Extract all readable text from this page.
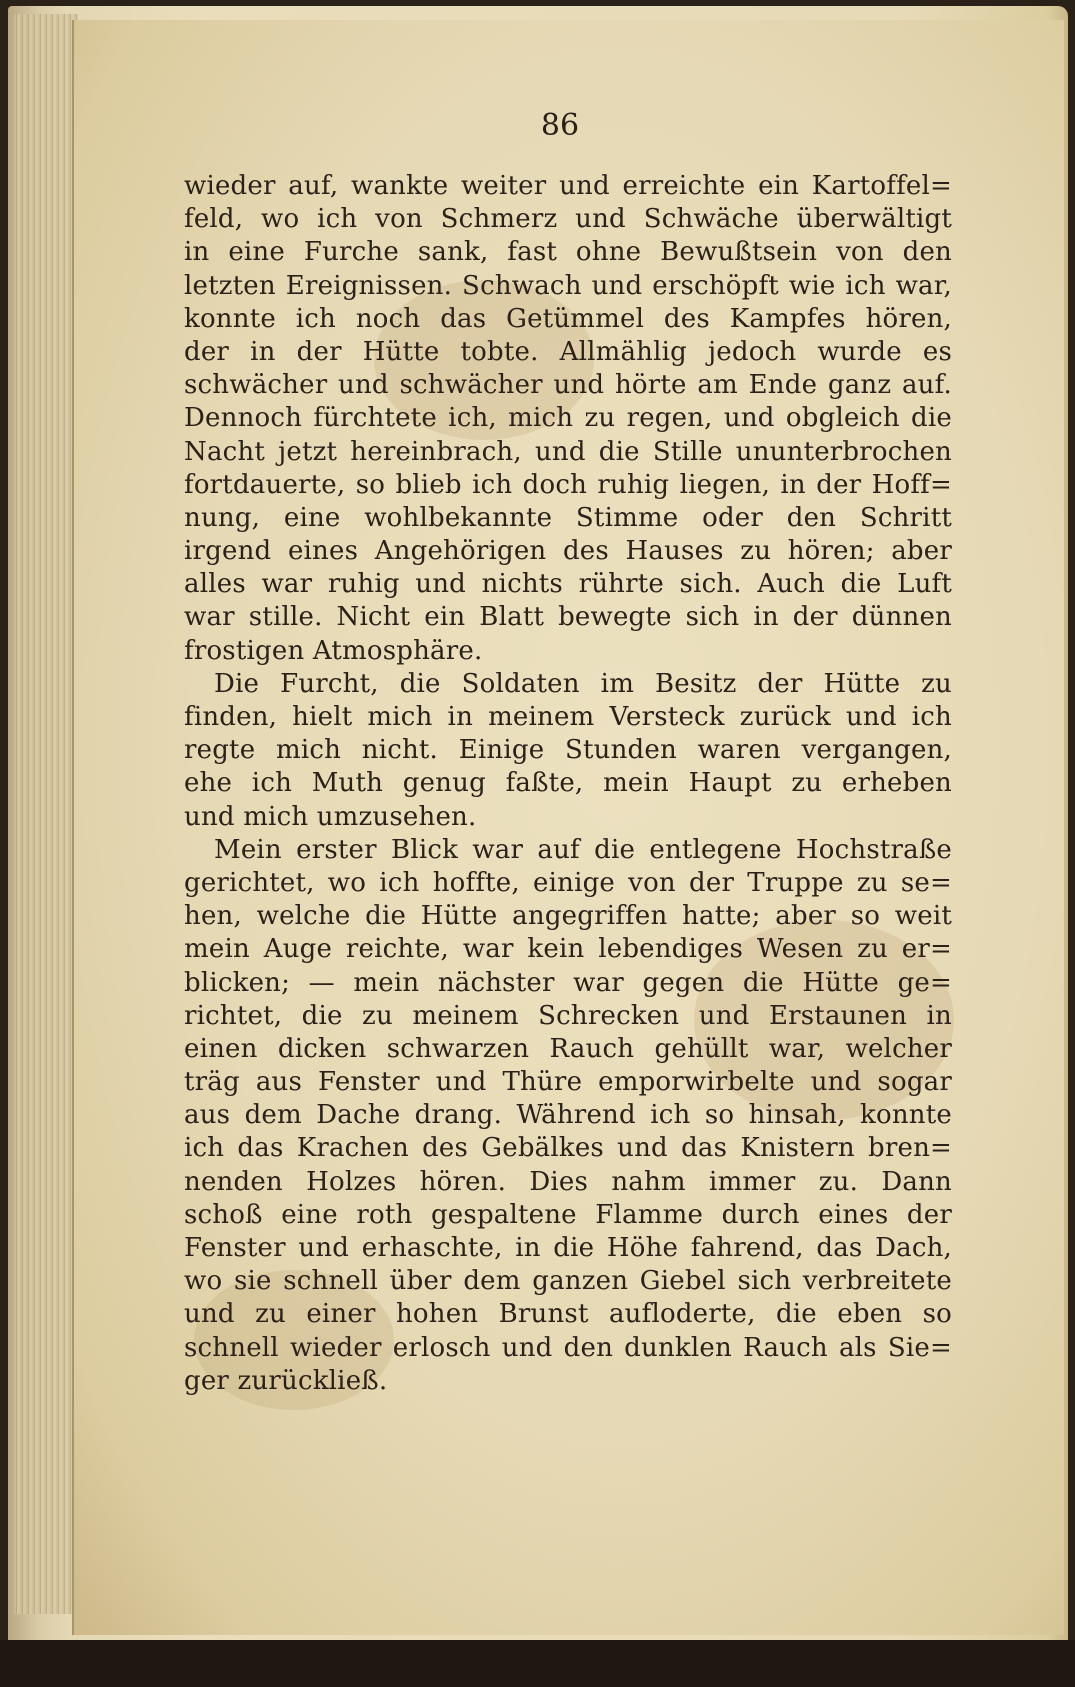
86
wieder auf, wankte weiter und erreichte ein Kartoffel=
feld, wo ich von Schmerz und Schwäche überwältigt
in eine Furche sank, fast ohne Bewußtsein von den
letzten Ereignissen. Schwach und erschöpft wie ich war,
konnte ich noch das Getümmel des Kampfes hören,
der in der Hütte tobte. Allmählig jedoch wurde es
schwächer und schwächer und hörte am Ende ganz auf.
Dennoch fürchtete ich, mich zu regen, und obgleich die
Nacht jetzt hereinbrach, und die Stille ununterbrochen
fortdauerte, so blieb ich doch ruhig liegen, in der Hoff=
nung, eine wohlbekannte Stimme oder den Schritt
irgend eines Angehörigen des Hauses zu hören; aber
alles war ruhig und nichts rührte sich. Auch die Luft
war stille. Nicht ein Blatt bewegte sich in der dünnen
frostigen Atmosphäre.
Die Furcht, die Soldaten im Besitz der Hütte zu
finden, hielt mich in meinem Versteck zurück und ich
regte mich nicht. Einige Stunden waren vergangen,
ehe ich Muth genug faßte, mein Haupt zu erheben
und mich umzusehen.
Mein erster Blick war auf die entlegene Hochstraße
gerichtet, wo ich hoffte, einige von der Truppe zu se=
hen, welche die Hütte angegriffen hatte; aber so weit
mein Auge reichte, war kein lebendiges Wesen zu er=
blicken; — mein nächster war gegen die Hütte ge=
richtet, die zu meinem Schrecken und Erstaunen in
einen dicken schwarzen Rauch gehüllt war, welcher
träg aus Fenster und Thüre emporwirbelte und sogar
aus dem Dache drang. Während ich so hinsah, konnte
ich das Krachen des Gebälkes und das Knistern bren=
nenden Holzes hören. Dies nahm immer zu. Dann
schoß eine roth gespaltene Flamme durch eines der
Fenster und erhaschte, in die Höhe fahrend, das Dach,
wo sie schnell über dem ganzen Giebel sich verbreitete
und zu einer hohen Brunst aufloderte, die eben so
schnell wieder erlosch und den dunklen Rauch als Sie=
ger zurückließ.
